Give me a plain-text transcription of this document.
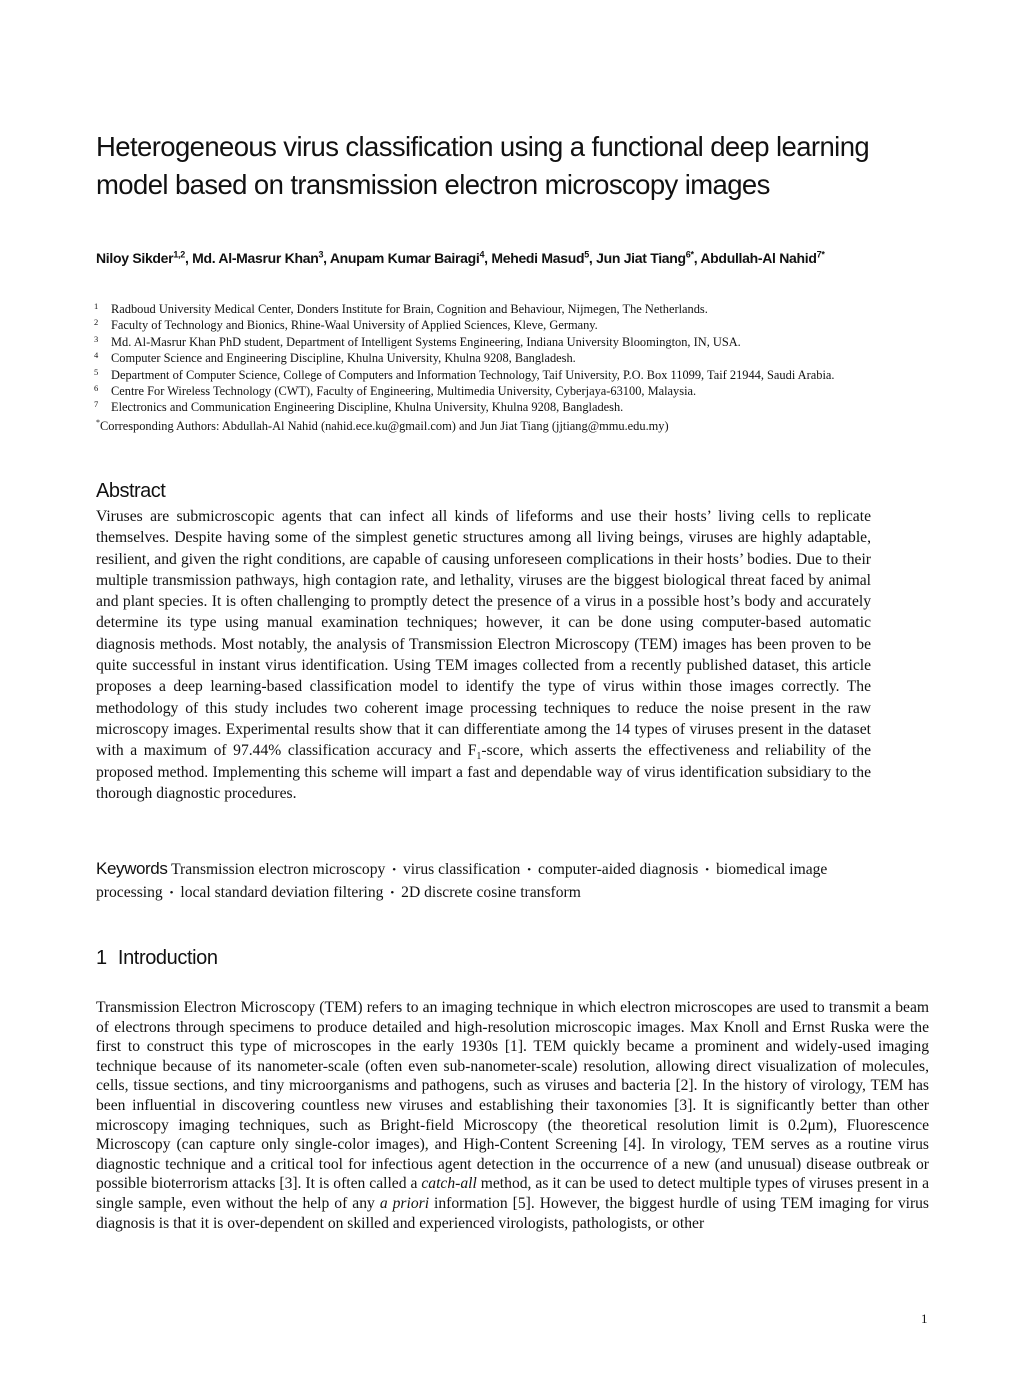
Heterogeneous virus classification using a functional deep learning
model based on transmission electron microscopy images
Niloy Sikder$^{1,2}$, Md. Al-Masrur Khan$^3$, Anupam Kumar Bairagi$^4$, Mehedi Masud$^5$, Jun Jiat Tiang$^{6*}$, Abdullah-Al Nahid$^{7*}$
1 Radboud University Medical Center, Donders Institute for Brain, Cognition and Behaviour, Nijmegen, The Netherlands.
2 Faculty of Technology and Bionics, Rhine-Waal University of Applied Sciences, Kleve, Germany.
3 Md. Al-Masrur Khan PhD student, Department of Intelligent Systems Engineering, Indiana University Bloomington, IN, USA.
4 Computer Science and Engineering Discipline, Khulna University, Khulna 9208, Bangladesh.
5 Department of Computer Science, College of Computers and Information Technology, Taif University, P.O. Box 11099, Taif 21944, Saudi Arabia.
6 Centre For Wireless Technology (CWT), Faculty of Engineering, Multimedia University, Cyberjaya-63100, Malaysia.
7 Electronics and Communication Engineering Discipline, Khulna University, Khulna 9208, Bangladesh.
*Corresponding Authors: Abdullah-Al Nahid (nahid.ece.ku@gmail.com) and Jun Jiat Tiang (jjtiang@mmu.edu.my)
Abstract
Viruses are submicroscopic agents that can infect all kinds of lifeforms and use their hosts’ living cells to replicate themselves. Despite having some of the simplest genetic structures among all living beings, viruses are highly adaptable, resilient, and given the right conditions, are capable of causing unforeseen complications in their hosts’ bodies. Due to their multiple transmission pathways, high contagion rate, and lethality, viruses are the biggest biological threat faced by animal and plant species. It is often challenging to promptly detect the presence of a virus in a possible host’s body and accurately determine its type using manual examination techniques; however, it can be done using computer-based automatic diagnosis methods. Most notably, the analysis of Transmission Electron Microscopy (TEM) images has been proven to be quite successful in instant virus identification. Using TEM images collected from a recently published dataset, this article proposes a deep learning-based classification model to identify the type of virus within those images correctly. The methodology of this study includes two coherent image processing techniques to reduce the noise present in the raw microscopy images. Experimental results show that it can differentiate among the 14 types of viruses present in the dataset with a maximum of 97.44% classification accuracy and $F_1$-score, which asserts the effectiveness and reliability of the proposed method. Implementing this scheme will impart a fast and dependable way of virus identification subsidiary to the thorough diagnostic procedures.
Keywords Transmission electron microscopy • virus classification • computer-aided diagnosis • biomedical image processing • local standard deviation filtering • 2D discrete cosine transform
1 Introduction
Transmission Electron Microscopy (TEM) refers to an imaging technique in which electron microscopes are used to transmit a beam of electrons through specimens to produce detailed and high-resolution microscopic images. Max Knoll and Ernst Ruska were the first to construct this type of microscopes in the early 1930s [1]. TEM quickly became a prominent and widely-used imaging technique because of its nanometer-scale (often even sub-nanometer-scale) resolution, allowing direct visualization of molecules, cells, tissue sections, and tiny microorganisms and pathogens, such as viruses and bacteria [2]. In the history of virology, TEM has been influential in discovering countless new viruses and establishing their taxonomies [3]. It is significantly better than other microscopy imaging techniques, such as Bright-field Microscopy (the theoretical resolution limit is 0.2μm), Fluorescence Microscopy (can capture only single-color images), and High-Content Screening [4]. In virology, TEM serves as a routine virus diagnostic technique and a critical tool for infectious agent detection in the occurrence of a new (and unusual) disease outbreak or possible bioterrorism attacks [3]. It is often called a catch-all method, as it can be used to detect multiple types of viruses present in a single sample, even without the help of any a priori information [5]. However, the biggest hurdle of using TEM imaging for virus diagnosis is that it is over-dependent on skilled and experienced virologists, pathologists, or other
1
